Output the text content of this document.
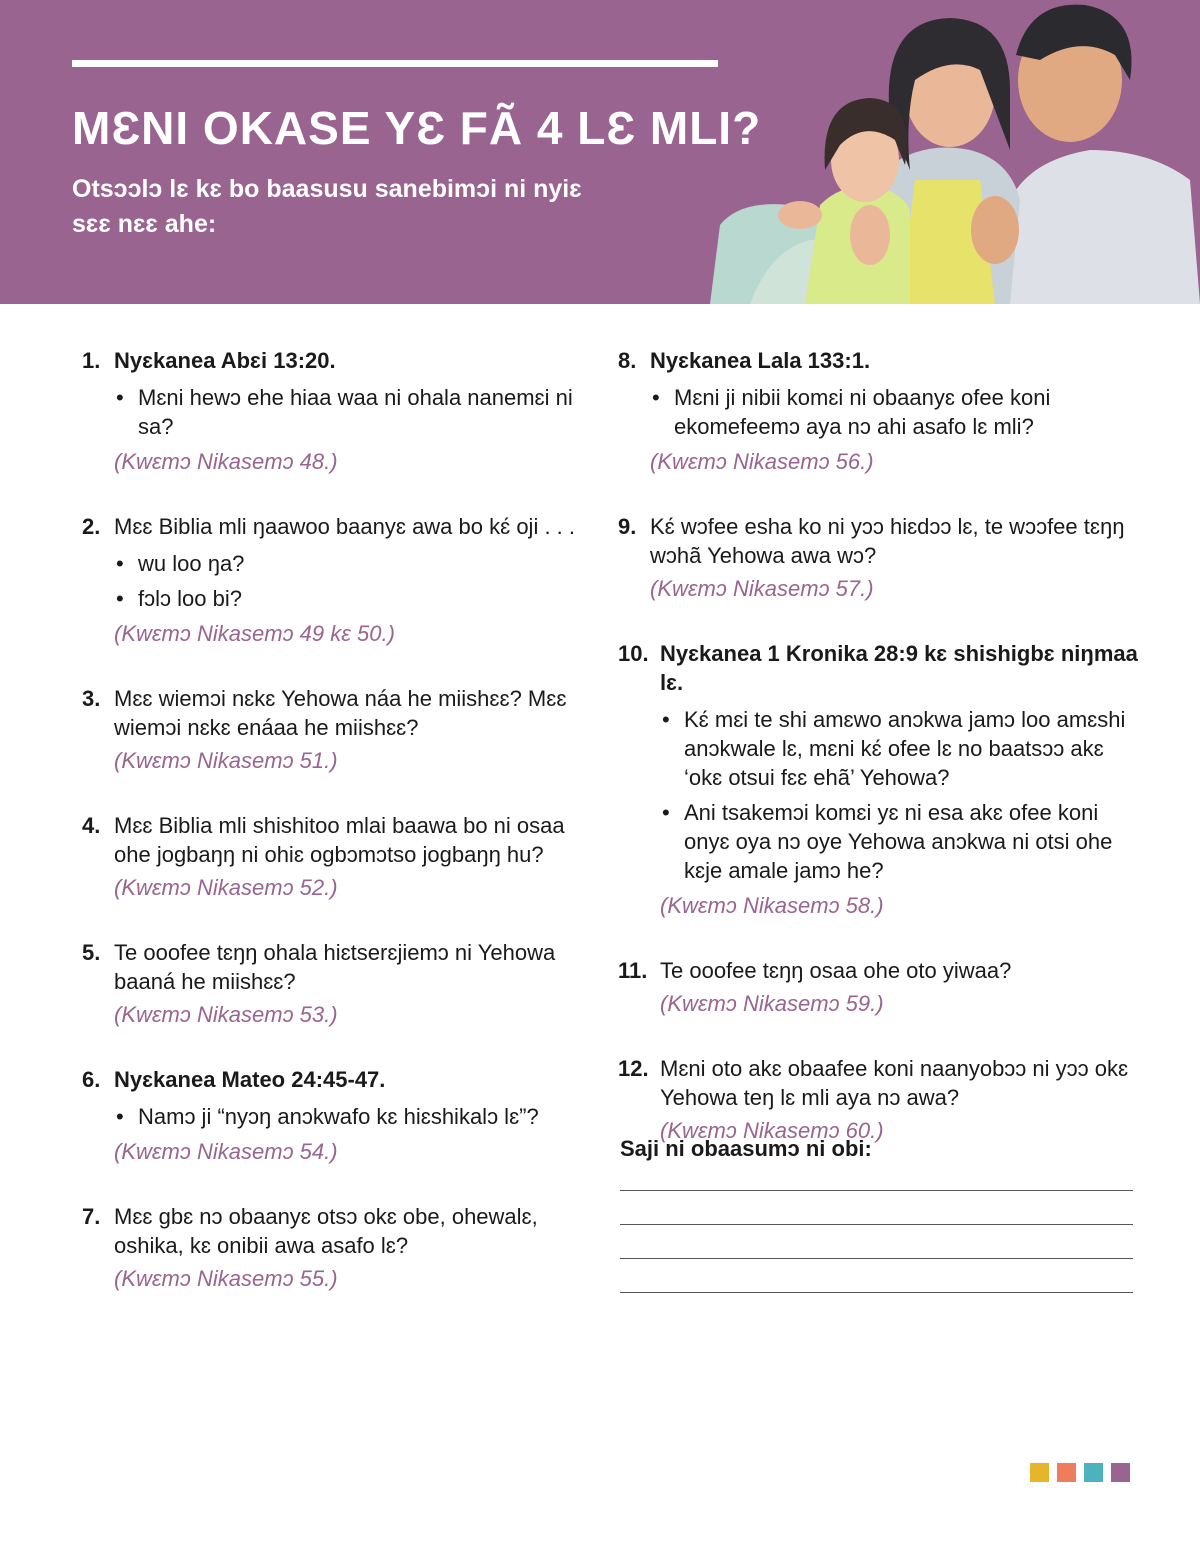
MƐNI OKASE YƐ FÃ 4 LƐ MLI?

Otsɔɔlɔ lɛ kɛ bo baasusu sanebimɔi ni nyiɛ sɛɛ nɛɛ ahe:

1. Nyɛkanea Abɛi 13:20.

• Mɛni hewɔ ehe hiaa waa ni ohala nanemɛi ni sa?
(Kwɛmɔ Nikasemɔ 48.)
2. Mɛɛ Biblia mli ŋaawoo baanyɛ awa bo kɛ́ oji . . .

• wu loo ŋa?
• fɔlɔ loo bi?
(Kwɛmɔ Nikasemɔ 49 kɛ 50.)
3. Mɛɛ wiemɔi nɛkɛ Yehowa náa he miishɛɛ? Mɛɛ wiemɔi nɛkɛ enáaa he miishɛɛ?

(Kwɛmɔ Nikasemɔ 51.)
4. Mɛɛ Biblia mli shishitoo mlai baawa bo ni osaa ohe jogbaŋŋ ni ohiɛ ogbɔmɔtso jogbaŋŋ hu?

(Kwɛmɔ Nikasemɔ 52.)
5. Te ooofee tɛŋŋ ohala hiɛtserɛjiemɔ ni Yehowa baaná he miishɛɛ?

(Kwɛmɔ Nikasemɔ 53.)
6. Nyɛkanea Mateo 24:45-47.

• Namɔ ji “nyɔŋ anɔkwafo kɛ hiɛshikalɔ lɛ”?
(Kwɛmɔ Nikasemɔ 54.)
7. Mɛɛ gbɛ nɔ obaanyɛ otsɔ okɛ obe, ohewalɛ, oshika, kɛ onibii awa asafo lɛ?

(Kwɛmɔ Nikasemɔ 55.)
8. Nyɛkanea Lala 133:1.

• Mɛni ji nibii komɛi ni obaanyɛ ofee koni ekomefeemɔ aya nɔ ahi asafo lɛ mli?
(Kwɛmɔ Nikasemɔ 56.)
9. Kɛ́ wɔfee esha ko ni yɔɔ hiɛdɔɔ lɛ, te wɔɔfee tɛŋŋ wɔhã Yehowa awa wɔ?

(Kwɛmɔ Nikasemɔ 57.)
10. Nyɛkanea 1 Kronika 28:9 kɛ shishigbɛ niŋmaa lɛ.

• Kɛ́ mɛi te shi amɛwo anɔkwa jamɔ loo amɛshi anɔkwale lɛ, mɛni kɛ́ ofee lɛ no baatsɔɔ akɛ ‘okɛ otsui fɛɛ ehã’ Yehowa?
• Ani tsakemɔi komɛi yɛ ni esa akɛ ofee koni onyɛ oya nɔ oye Yehowa anɔkwa ni otsi ohe kɛje amale jamɔ he?
(Kwɛmɔ Nikasemɔ 58.)
11. Te ooofee tɛŋŋ osaa ohe oto yiwaa?

(Kwɛmɔ Nikasemɔ 59.)
12. Mɛni oto akɛ obaafee koni naanyobɔɔ ni yɔɔ okɛ Yehowa teŋ lɛ mli aya nɔ awa?

(Kwɛmɔ Nikasemɔ 60.)

Saji ni obaasumɔ ni obi:
